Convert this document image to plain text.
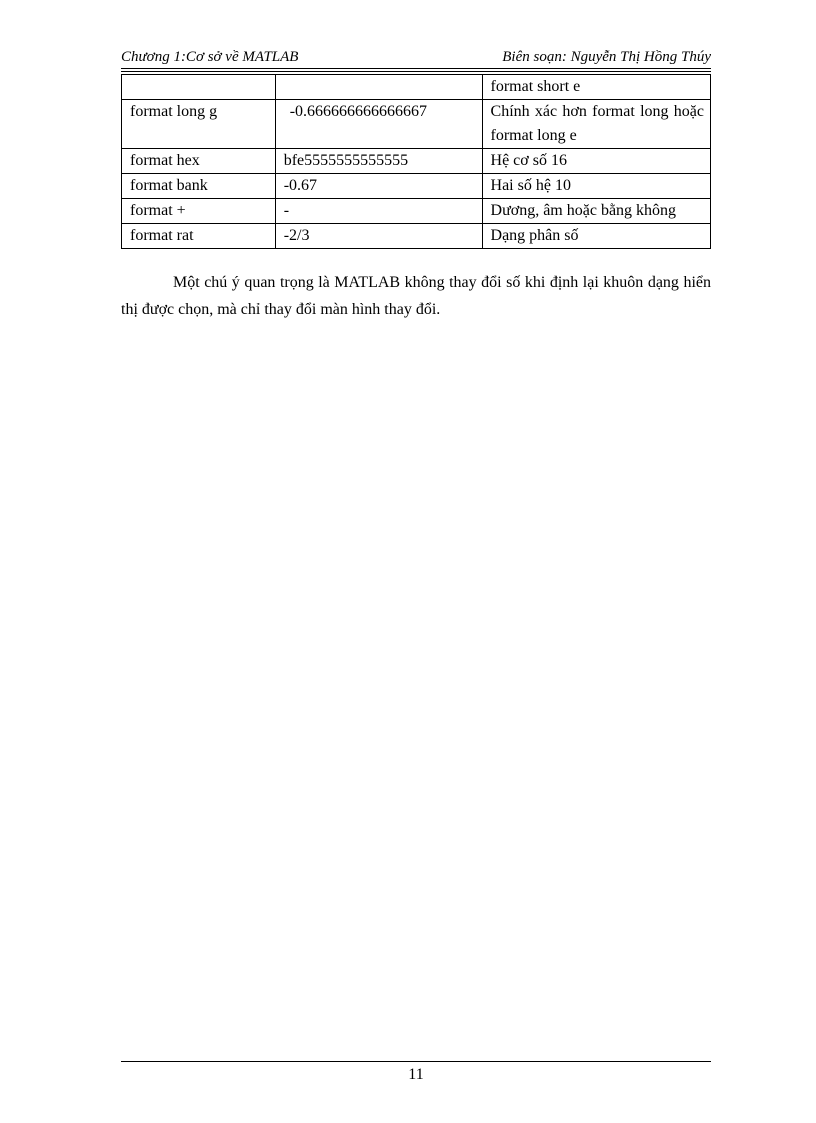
Chương 1:Cơ sở về MATLAB	Biên soạn: Nguyễn Thị Hồng Thúy
		format short e
format long g	-0.666666666666667	Chính xác hơn format long hoặc format long e
format hex	bfe5555555555555	Hệ cơ số 16
format bank	-0.67	Hai số hệ 10
format +	-	Dương, âm hoặc bằng không
format rat	-2/3	Dạng phân số

Một chú ý quan trọng là MATLAB không thay đổi số khi định lại khuôn dạng hiển thị được chọn, mà chỉ thay đổi màn hình thay đổi.

11
